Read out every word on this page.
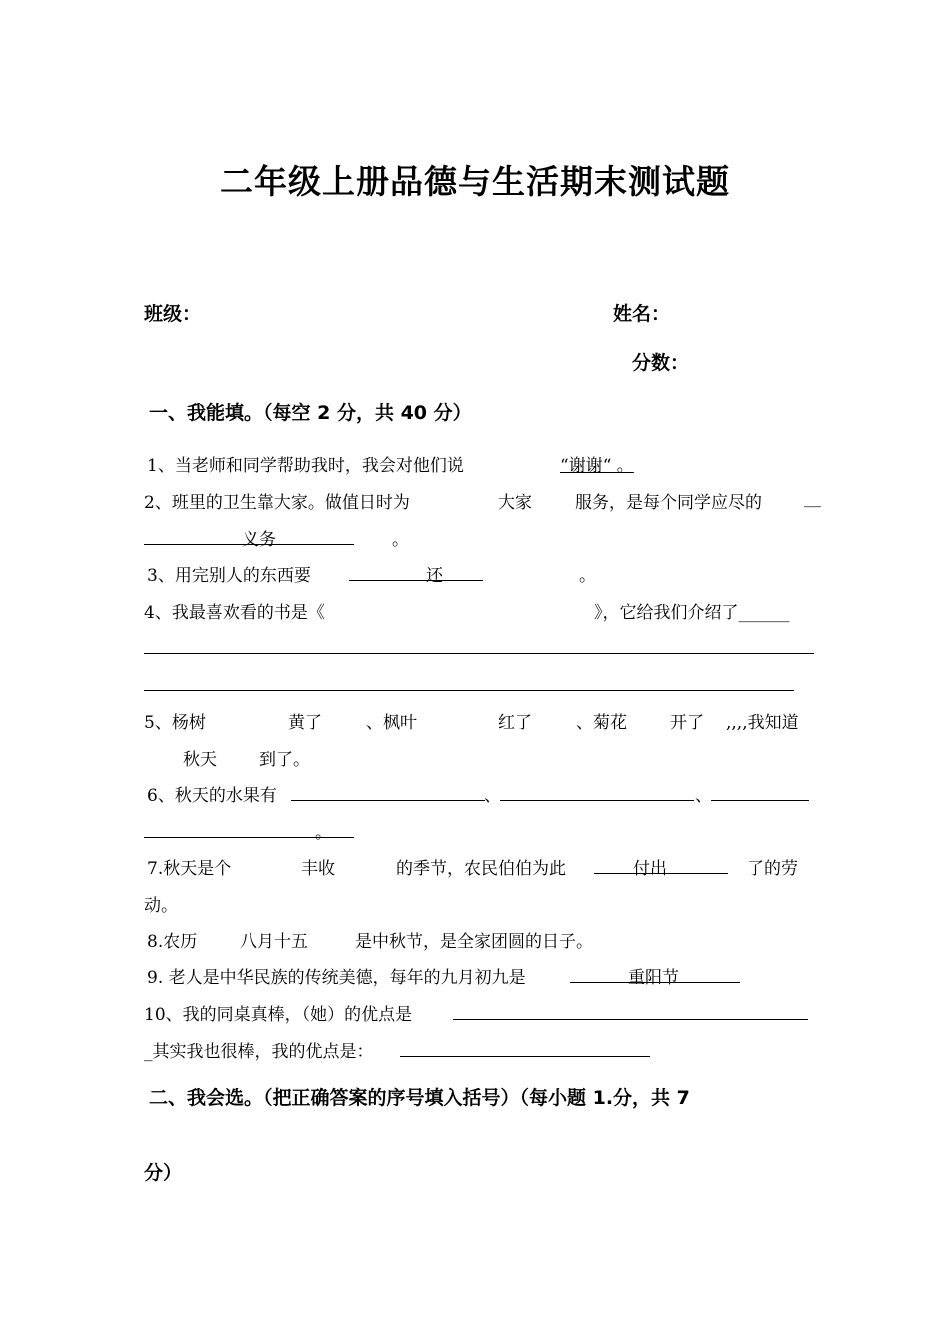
二年级上册品德与生活期末测试题
班级：	姓名：
分数：
一、我能填。（每空 2 分，共 40 分）
1、当老师和同学帮助我时，我会对他们说	“谢谢“ 。
2、班里的卫生靠大家。做值日时为	大家	服务，是每个同学应尽的 __
义务	。
3、用完别人的东西要	还	。
4、我最喜欢看的书是《	》，它给我们介绍了______
5、杨树	黄了	、枫叶	红了	、菊花	开了 ,,,,我知道
秋天 到了。
6、秋天的水果有	、	、
。
7.秋天是个	丰收	的季节，农民伯伯为此	付出	了的劳
动。
8.农历	八月十五	是中秋节，是全家团圆的日子。
9. 老人是中华民族的传统美德，每年的九月初九是	重阳节
10、我的同桌真棒，（她）的优点是
_其实我也很棒，我的优点是：
二、我会选。（把正确答案的序号填入括号）（每小题 1.分，共 7
分）
